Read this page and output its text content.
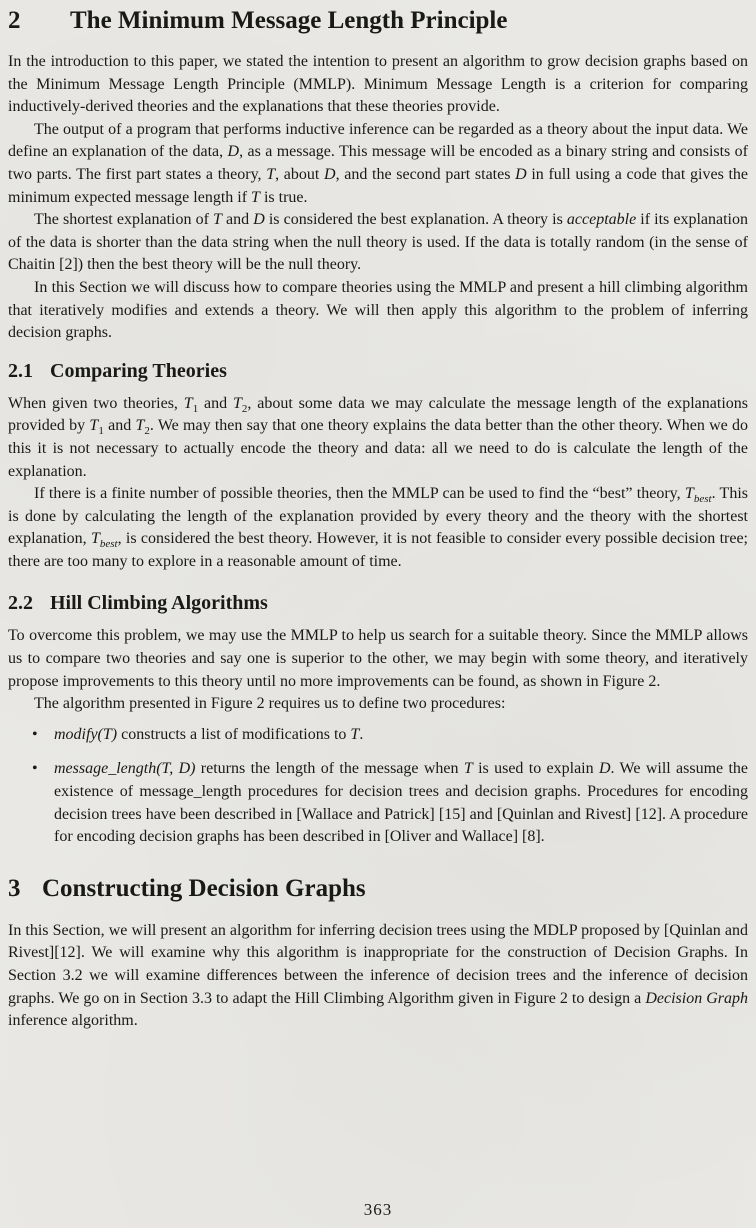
2 The Minimum Message Length Principle

In the introduction to this paper, we stated the intention to present an algorithm to grow decision graphs based on the Minimum Message Length Principle (MMLP). Minimum Message Length is a criterion for comparing inductively-derived theories and the explanations that these theories provide.

The output of a program that performs inductive inference can be regarded as a theory about the input data. We define an explanation of the data, D, as a message. This message will be encoded as a binary string and consists of two parts. The first part states a theory, T, about D, and the second part states D in full using a code that gives the minimum expected message length if T is true.

The shortest explanation of T and D is considered the best explanation. A theory is acceptable if its explanation of the data is shorter than the data string when the null theory is used. If the data is totally random (in the sense of Chaitin [2]) then the best theory will be the null theory.

In this Section we will discuss how to compare theories using the MMLP and present a hill climbing algorithm that iteratively modifies and extends a theory. We will then apply this algorithm to the problem of inferring decision graphs.

2.1 Comparing Theories

When given two theories, $T_1$ and $T_2$, about some data we may calculate the message length of the explanations provided by $T_1$ and $T_2$. We may then say that one theory explains the data better than the other theory. When we do this it is not necessary to actually encode the theory and data: all we need to do is calculate the length of the explanation.

If there is a finite number of possible theories, then the MMLP can be used to find the “best” theory, $T_{best}$. This is done by calculating the length of the explanation provided by every theory and the theory with the shortest explanation, $T_{best}$, is considered the best theory. However, it is not feasible to consider every possible decision tree; there are too many to explore in a reasonable amount of time.

2.2 Hill Climbing Algorithms

To overcome this problem, we may use the MMLP to help us search for a suitable theory. Since the MMLP allows us to compare two theories and say one is superior to the other, we may begin with some theory, and iteratively propose improvements to this theory until no more improvements can be found, as shown in Figure 2.

The algorithm presented in Figure 2 requires us to define two procedures:

• modify(T) constructs a list of modifications to T.
• message_length(T, D) returns the length of the message when T is used to explain D. We will assume the existence of message_length procedures for decision trees and decision graphs. Procedures for encoding decision trees have been described in [Wallace and Patrick] [15] and [Quinlan and Rivest] [12]. A procedure for encoding decision graphs has been described in [Oliver and Wallace] [8].
3 Constructing Decision Graphs

In this Section, we will present an algorithm for inferring decision trees using the MDLP proposed by [Quinlan and Rivest][12]. We will examine why this algorithm is inappropriate for the construction of Decision Graphs. In Section 3.2 we will examine differences between the inference of decision trees and the inference of decision graphs. We go on in Section 3.3 to adapt the Hill Climbing Algorithm given in Figure 2 to design a Decision Graph inference algorithm.

363
